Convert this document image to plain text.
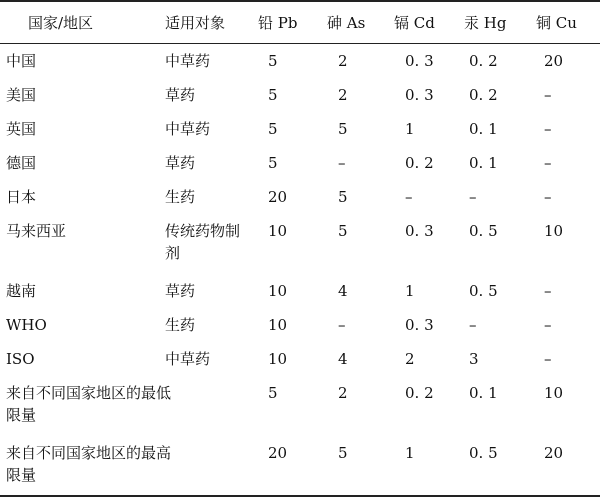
国家/地区	适用对象	铅 Pb	砷 As	镉 Cd	汞 Hg	铜 Cu
中国	中草药	5	2	0. 3	0. 2	20
美国	草药	5	2	0. 3	0. 2	–
英国	中草药	5	5	1	0. 1	–
德国	草药	5	–	0. 2	0. 1	–
日本	生药	20	5	–	–	–
马来西亚	传统药物制剂	10	5	0. 3	0. 5	10
越南	草药	10	4	1	0. 5	–
WHO	生药	10	–	0. 3	–	–
ISO	中草药	10	4	2	3	–
来自不同国家地区的最低限量		5	2	0. 2	0. 1	10
来自不同国家地区的最高限量		20	5	1	0. 5	20
